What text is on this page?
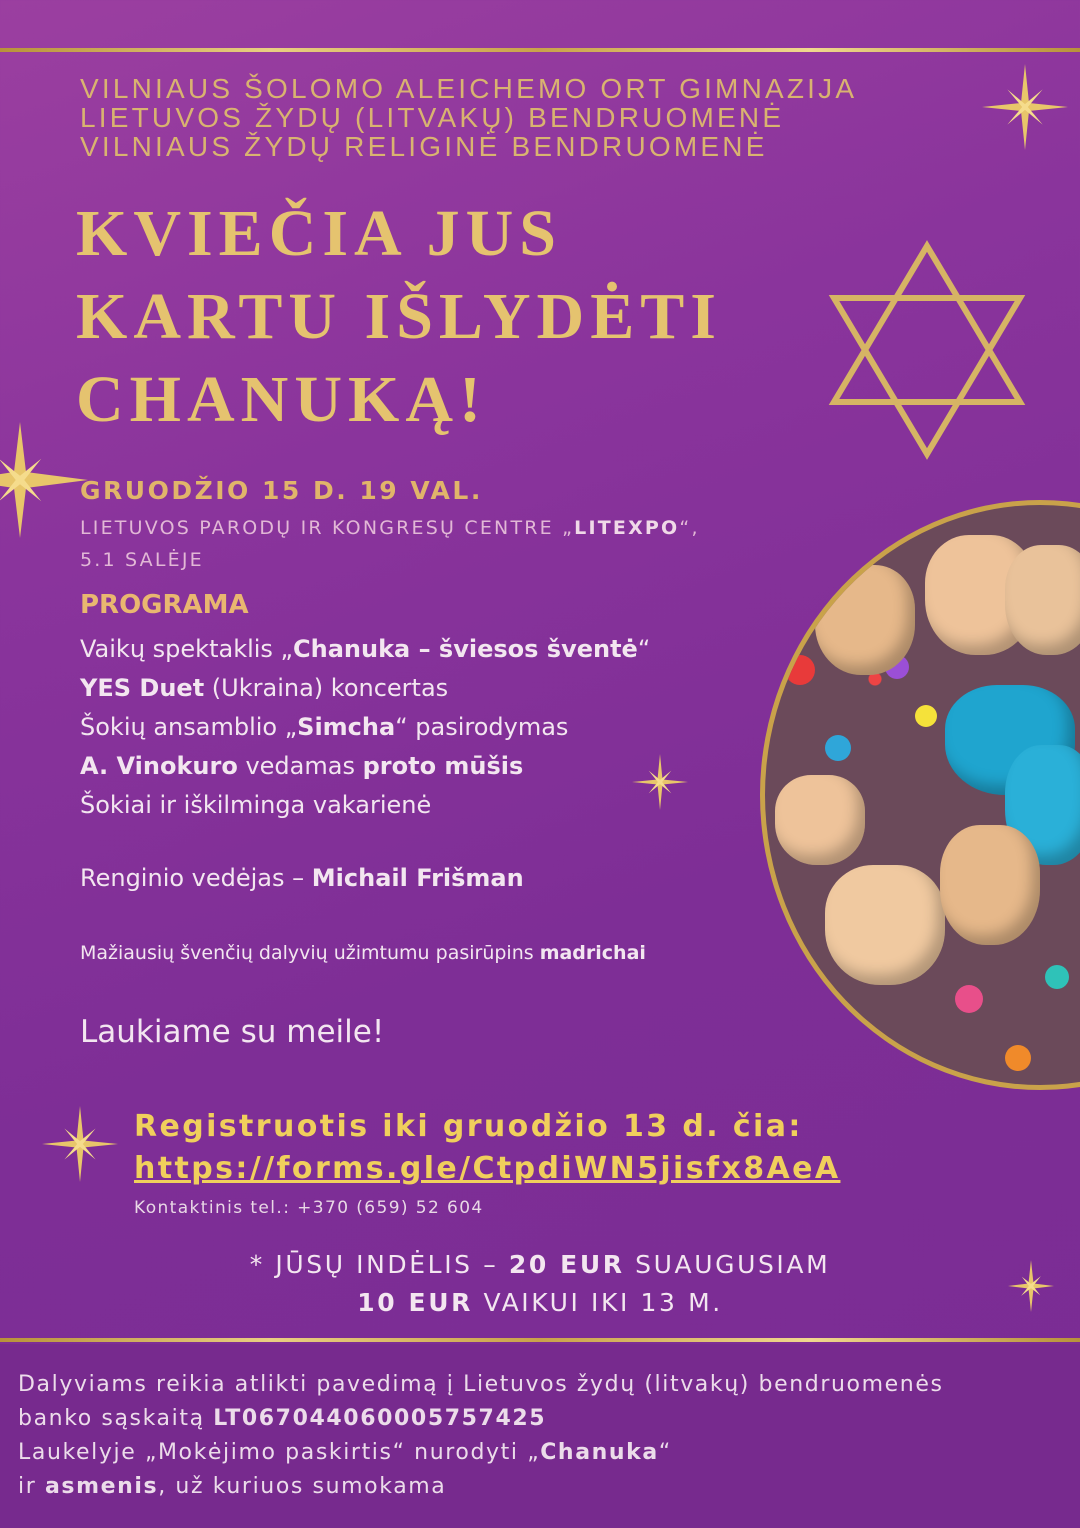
VILNIAUS ŠOLOMO ALEICHEMO ORT GIMNAZIJA
LIETUVOS ŽYDŲ (LITVAKŲ) BENDRUOMENĖ
VILNIAUS ŽYDŲ RELIGINĖ BENDRUOMENĖ
KVIEČIA JUS
KARTU IŠLYDĖTI
CHANUKĄ!
GRUODŽIO 15 D. 19 VAL.
LIETUVOS PARODŲ IR KONGRESŲ CENTRE „LITEXPO“,
5.1 SALĖJE
PROGRAMA
Vaikų spektaklis „Chanuka – šviesos šventė“
YES Duet (Ukraina) koncertas
Šokių ansamblio „Simcha“ pasirodymas
A. Vinokuro vedamas proto mūšis
Šokiai ir iškilminga vakarienė
Renginio vedėjas – Michail Frišman
Mažiausių švenčių dalyvių užimtumu pasirūpins madrichai
Laukiame su meile!
Registruotis iki gruodžio 13 d. čia:
https://forms.gle/CtpdiWN5jisfx8AeA
Kontaktinis tel.: +370 (659) 52 604
* JŪSŲ INDĖLIS – 20 EUR SUAUGUSIAM
10 EUR VAIKUI IKI 13 M.
Dalyviams reikia atlikti pavedimą į Lietuvos žydų (litvakų) bendruomenės
banko sąskaitą LT067044060005757425
Laukelyje „Mokėjimo paskirtis“ nurodyti „Chanuka“
ir asmenis, už kuriuos sumokama
